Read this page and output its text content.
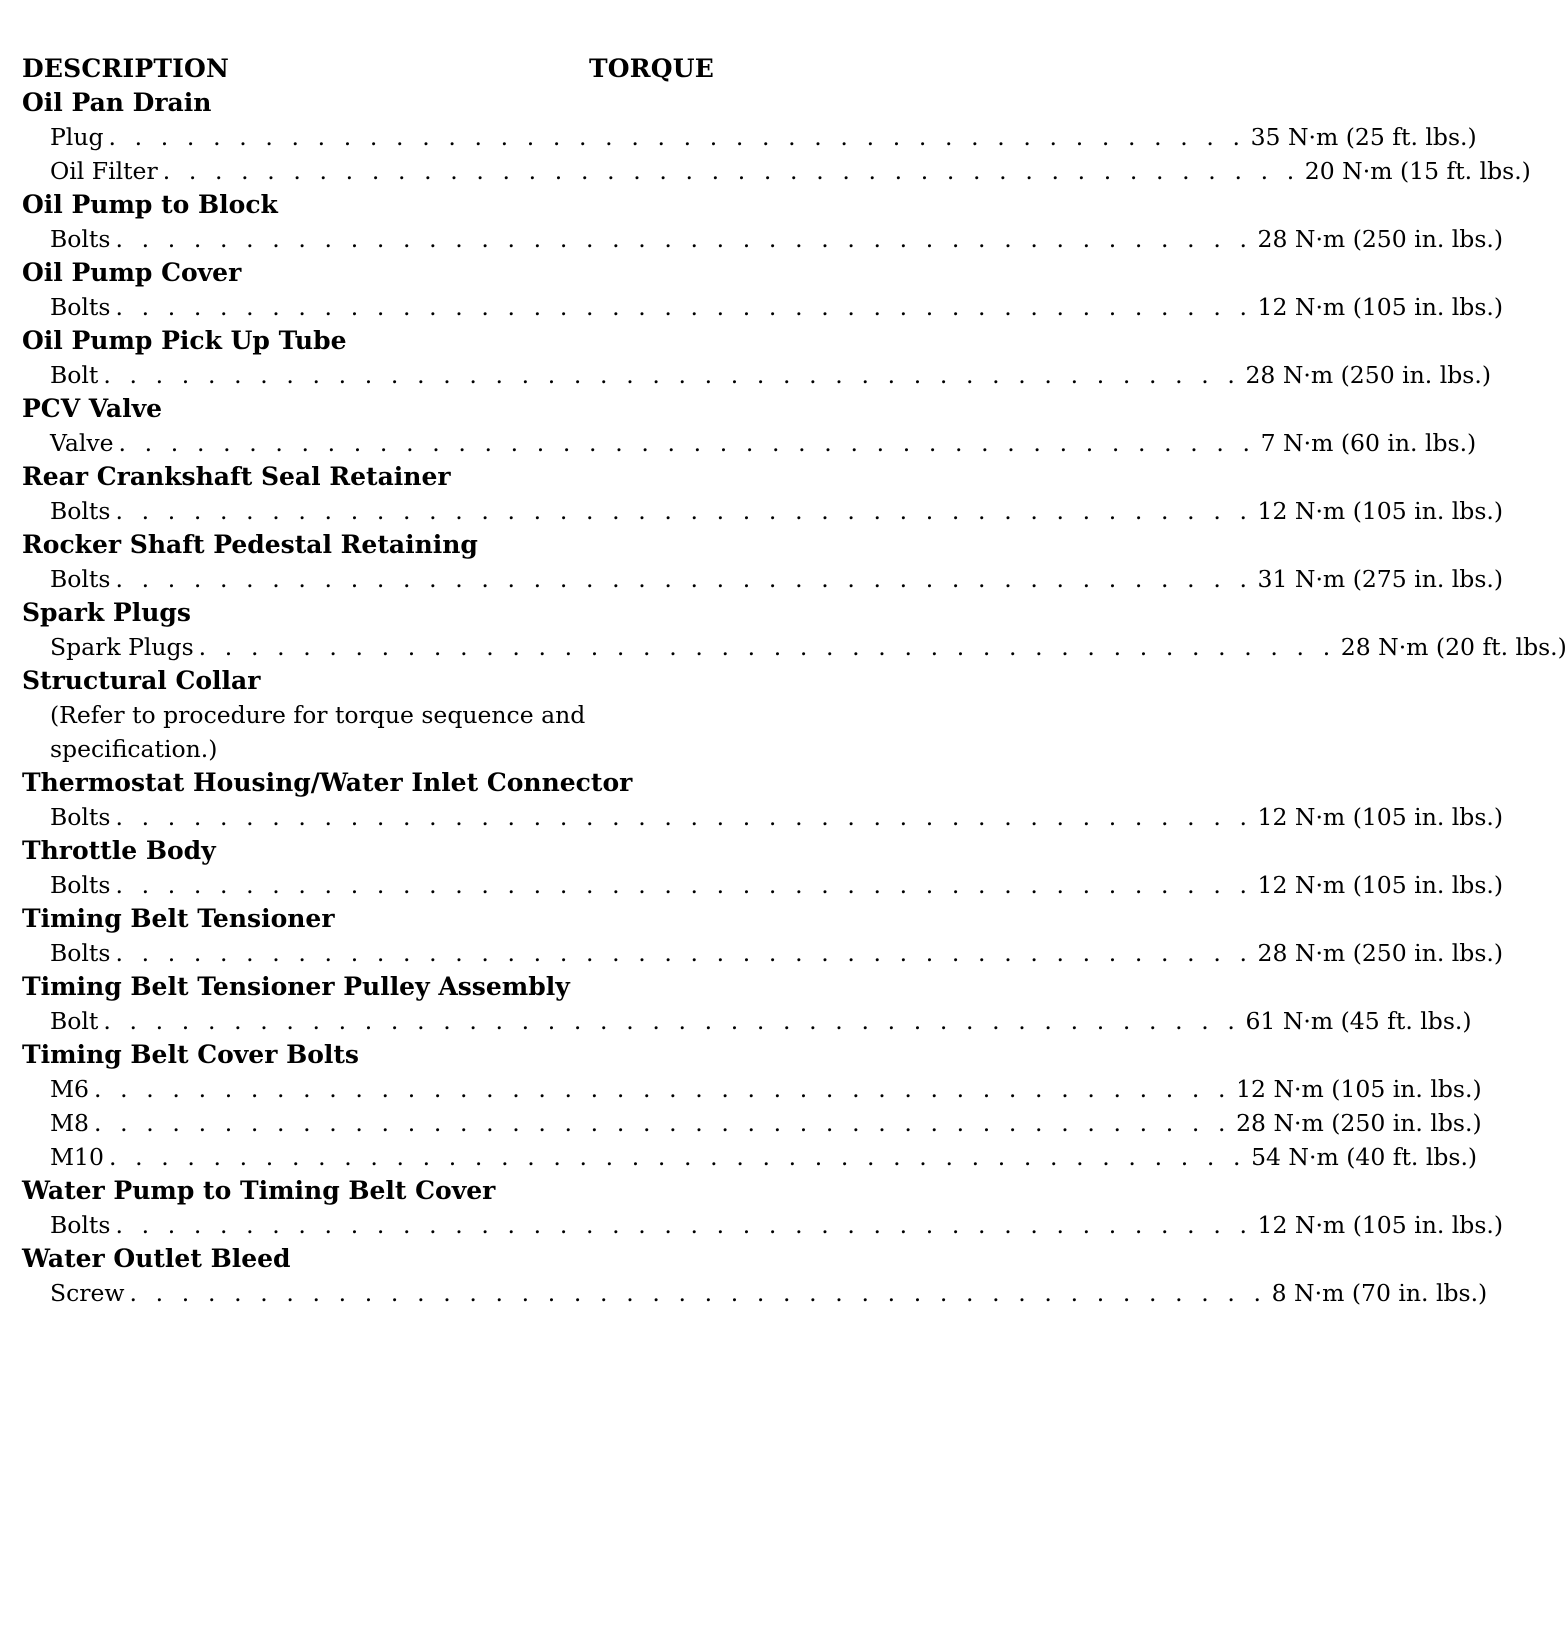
DESCRIPTION	TORQUE
Oil Pan Drain
Plug . . . . . . . . . . . . . . . . . . . . . . . . . . . . . . . . . . . . . . . . . . . . 35 N·m (25 ft. lbs.)
Oil Filter . . . . . . . . . . . . . . . . . . . . . . . . . . . . . . . . . . . . . . . . . . . . 20 N·m (15 ft. lbs.)
Oil Pump to Block
Bolts . . . . . . . . . . . . . . . . . . . . . . . . . . . . . . . . . . . . . . . . . . . . 28 N·m (250 in. lbs.)
Oil Pump Cover
Bolts . . . . . . . . . . . . . . . . . . . . . . . . . . . . . . . . . . . . . . . . . . . . 12 N·m (105 in. lbs.)
Oil Pump Pick Up Tube
Bolt . . . . . . . . . . . . . . . . . . . . . . . . . . . . . . . . . . . . . . . . . . . . 28 N·m (250 in. lbs.)
PCV Valve
Valve . . . . . . . . . . . . . . . . . . . . . . . . . . . . . . . . . . . . . . . . . . . . 7 N·m (60 in. lbs.)
Rear Crankshaft Seal Retainer
Bolts . . . . . . . . . . . . . . . . . . . . . . . . . . . . . . . . . . . . . . . . . . . . 12 N·m (105 in. lbs.)
Rocker Shaft Pedestal Retaining
Bolts . . . . . . . . . . . . . . . . . . . . . . . . . . . . . . . . . . . . . . . . . . . . 31 N·m (275 in. lbs.)
Spark Plugs
Spark Plugs . . . . . . . . . . . . . . . . . . . . . . . . . . . . . . . . . . . . . . . . . . . . 28 N·m (20 ft. lbs.)
Structural Collar
(Refer to procedure for torque sequence and specification.)
Thermostat Housing/Water Inlet Connector
Bolts . . . . . . . . . . . . . . . . . . . . . . . . . . . . . . . . . . . . . . . . . . . . 12 N·m (105 in. lbs.)
Throttle Body
Bolts . . . . . . . . . . . . . . . . . . . . . . . . . . . . . . . . . . . . . . . . . . . . 12 N·m (105 in. lbs.)
Timing Belt Tensioner
Bolts . . . . . . . . . . . . . . . . . . . . . . . . . . . . . . . . . . . . . . . . . . . . 28 N·m (250 in. lbs.)
Timing Belt Tensioner Pulley Assembly
Bolt . . . . . . . . . . . . . . . . . . . . . . . . . . . . . . . . . . . . . . . . . . . . 61 N·m (45 ft. lbs.)
Timing Belt Cover Bolts
M6 . . . . . . . . . . . . . . . . . . . . . . . . . . . . . . . . . . . . . . . . . . . . 12 N·m (105 in. lbs.)
M8 . . . . . . . . . . . . . . . . . . . . . . . . . . . . . . . . . . . . . . . . . . . . 28 N·m (250 in. lbs.)
M10 . . . . . . . . . . . . . . . . . . . . . . . . . . . . . . . . . . . . . . . . . . . . 54 N·m (40 ft. lbs.)
Water Pump to Timing Belt Cover
Bolts . . . . . . . . . . . . . . . . . . . . . . . . . . . . . . . . . . . . . . . . . . . . 12 N·m (105 in. lbs.)
Water Outlet Bleed
Screw . . . . . . . . . . . . . . . . . . . . . . . . . . . . . . . . . . . . . . . . . . . . 8 N·m (70 in. lbs.)
